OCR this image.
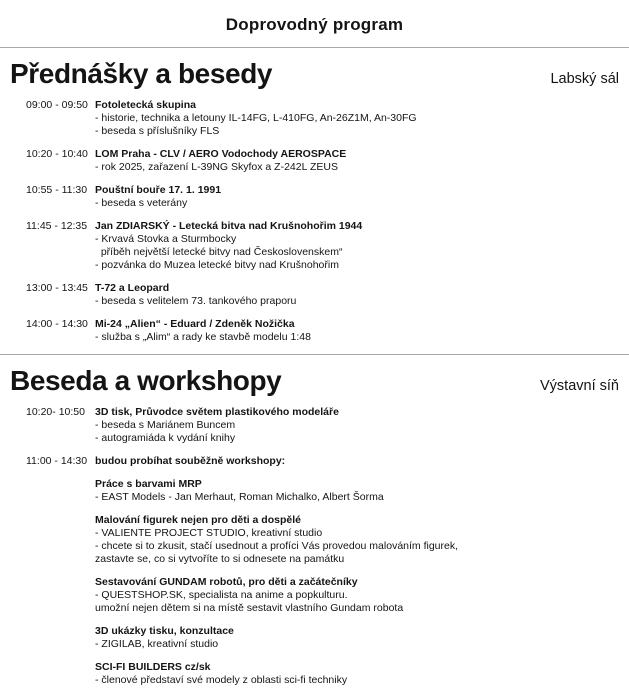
Doprovodný program
Přednášky a besedy	Labský sál
09:00 - 09:50 Fotoletecká skupina
- historie, technika a letouny IL-14FG, L-410FG, An-26Z1M, An-30FG
- beseda s příslušníky FLS
10:20 - 10:40 LOM Praha - CLV / AERO Vodochody AEROSPACE
- rok 2025, zařazení L-39NG Skyfox a Z-242L ZEUS
10:55 - 11:30 Pouštní bouře 17. 1. 1991
- beseda s veterány
11:45 - 12:35 Jan ZDIARSKÝ - Letecká bitva nad Krušnohořim 1944
- Krvavá Stovka a Sturmbocky
příběh největší letecké bitvy nad Československem“
- pozvánka do Muzea letecké bitvy nad Krušnohořim
13:00 - 13:45 T-72 a Leopard
- beseda s velitelem 73. tankového praporu
14:00 - 14:30 Mi-24 „Alien“ - Eduard / Zdeněk Nožička
- služba s „Alim“ a rady ke stavbě modelu 1:48
Beseda a workshopy	Výstavní síň
10:20- 10:50 3D tisk, Průvodce světem plastikového modeláře
- beseda s Mariánem Buncem
- autogramiáda k vydání knihy
11:00 - 14:30 budou probíhat souběžně workshopy:
Práce s barvami MRP
- EAST Models - Jan Merhaut, Roman Michalko, Albert Šorma
Malování figurek nejen pro děti a dospělé
- VALIENTE PROJECT STUDIO, kreativní studio
- chcete si to zkusit, stačí usednout a profíci Vás provedou malováním figurek,
zastavte se, co si vytvoříte to si odnesete na památku
Sestavování GUNDAM robotů, pro děti a začátečníky
- QUESTSHOP.SK, specialista na anime a popkulturu.
umožní nejen dětem si na místě sestavit vlastního Gundam robota
3D ukázky tisku, konzultace
- ZIGILAB, kreativní studio
SCI-FI BUILDERS cz/sk
- členové představí své modely z oblasti sci-fi techniky
